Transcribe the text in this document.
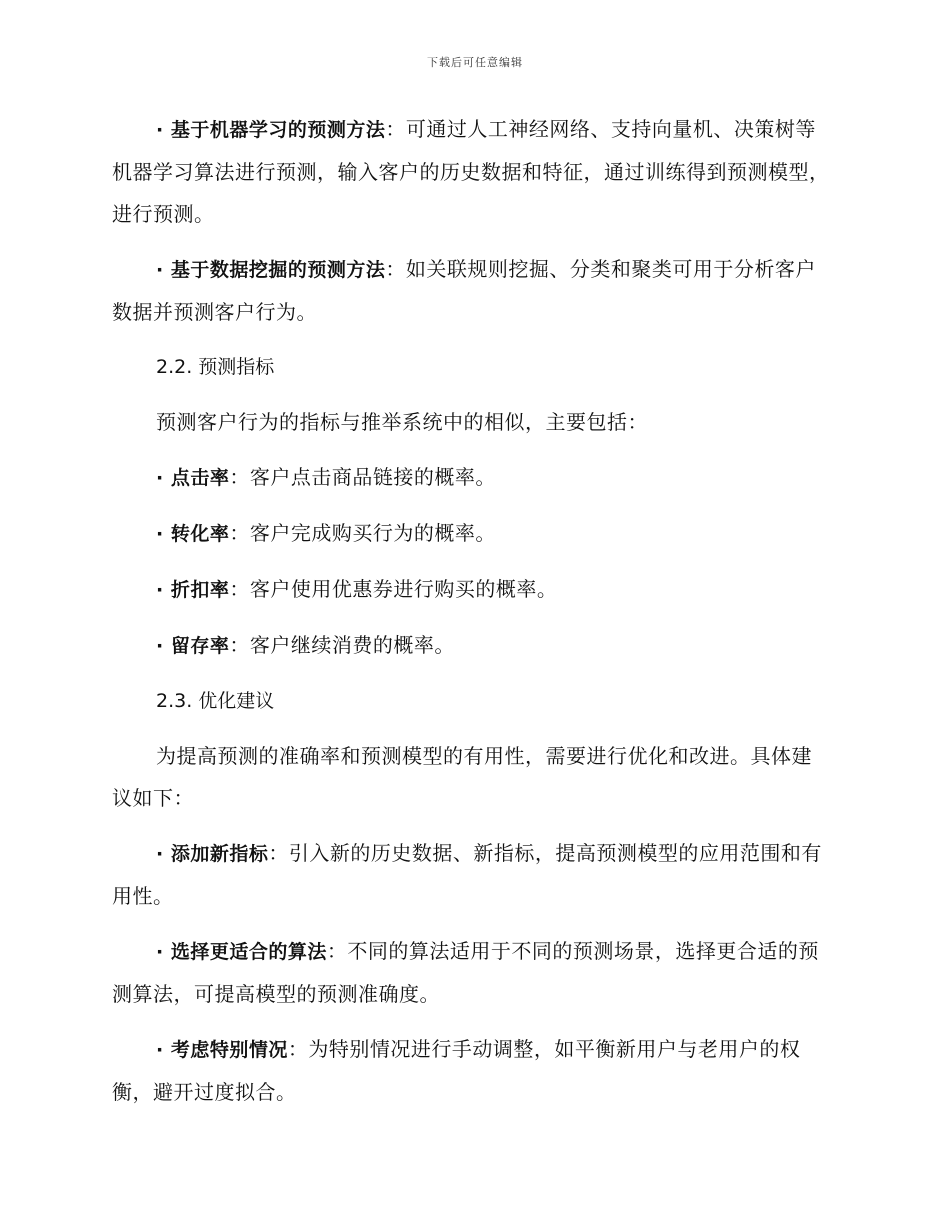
下载后可任意编辑

· 基于机器学习的预测方法：可通过人工神经网络、支持向量机、决策树等机器学习算法进行预测，输入客户的历史数据和特征，通过训练得到预测模型，进行预测。

· 基于数据挖掘的预测方法：如关联规则挖掘、分类和聚类可用于分析客户数据并预测客户行为。

2.2. 预测指标

预测客户行为的指标与推举系统中的相似，主要包括：

· 点击率：客户点击商品链接的概率。

· 转化率：客户完成购买行为的概率。

· 折扣率：客户使用优惠券进行购买的概率。

· 留存率：客户继续消费的概率。

2.3. 优化建议

为提高预测的准确率和预测模型的有用性，需要进行优化和改进。具体建议如下：

· 添加新指标：引入新的历史数据、新指标，提高预测模型的应用范围和有用性。

· 选择更适合的算法：不同的算法适用于不同的预测场景，选择更合适的预测算法，可提高模型的预测准确度。

· 考虑特别情况：为特别情况进行手动调整，如平衡新用户与老用户的权衡，避开过度拟合。
